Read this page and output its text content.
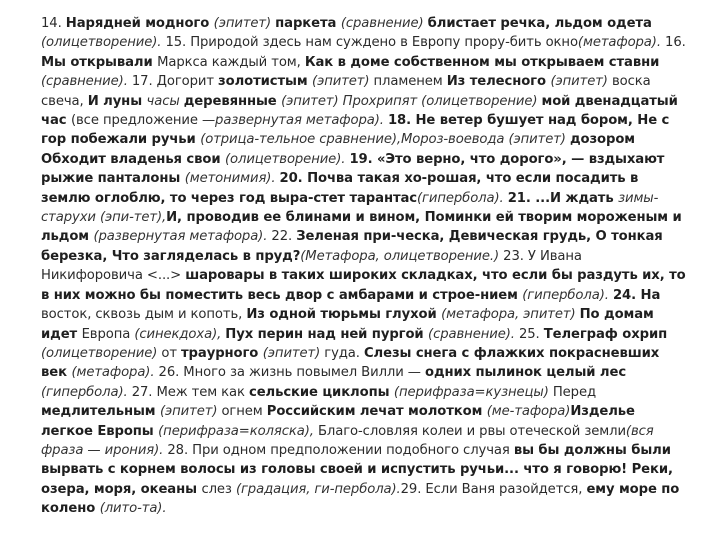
14. Нарядней модного (эпитет) паркета (сравнение) блистает речка, льдом одета (олицетворение). 15. Природой здесь нам суждено в Европу прору-бить окно(метафора). 16. Мы открывали Маркса каждый том, Как в доме собственном мы открываем ставни (сравнение). 17. Догорит золотистым (эпитет) пламенем Из телесного (эпитет) воска свеча, И луны часы деревянные (эпитет) Прохрипят (олицетворение) мой двенадцатый час (все предложение —развернутая метафора). 18. Не ветер бушует над бором, Не с гор побежали ручьи (отрица-тельное сравнение),Мороз-воевода (эпитет) дозором Обходит владенья свои (олицетворение). 19. «Это верно, что дорого», — вздыхают рыжие панталоны (метонимия). 20. Почва такая хо-рошая, что если посадить в землю оглоблю, то через год выра-стет тарантас(гипербола). 21. ...И ждать зимы-старухи (эпи-тет),И, проводив ее блинами и вином, Поминки ей творим мороженым и льдом (развернутая метафора). 22. Зеленая при-ческа, Девическая грудь, О тонкая березка, Что загляделась в пруд?(Метафора, олицетворение.) 23. У Ивана Никифоровича <...> шаровары в таких широких складках, что если бы раздуть их, то в них можно бы поместить весь двор с амбарами и строе-нием (гипербола). 24. На восток, сквозь дым и копоть, Из одной тюрьмы глухой (метафора, эпитет) По домам идет Европа (синекдоха), Пух перин над ней пургой (сравнение). 25. Телеграф охрип (олицетворение) от траурного (эпитет) гуда. Слезы снега с флажких покрасневших век (метафора). 26. Много за жизнь повымел Вилли — одних пылинок целый лес (гипербола). 27. Меж тем как сельские циклопы (перифраза=кузнецы) Перед медлительным (эпитет) огнем Российским лечат молотком (ме-тафора)Изделье легкое Европы (перифраза=коляска), Благо-словляя колеи и рвы отеческой земли(вся фраза — ирония). 28. При одном предположении подобного случая вы бы должны были вырвать с корнем волосы из головы своей и испустить ручьи... что я говорю! Реки, озера, моря, океаны слез (градация, ги-пербола).29. Если Ваня разойдется, ему море по колено (лито-та).
